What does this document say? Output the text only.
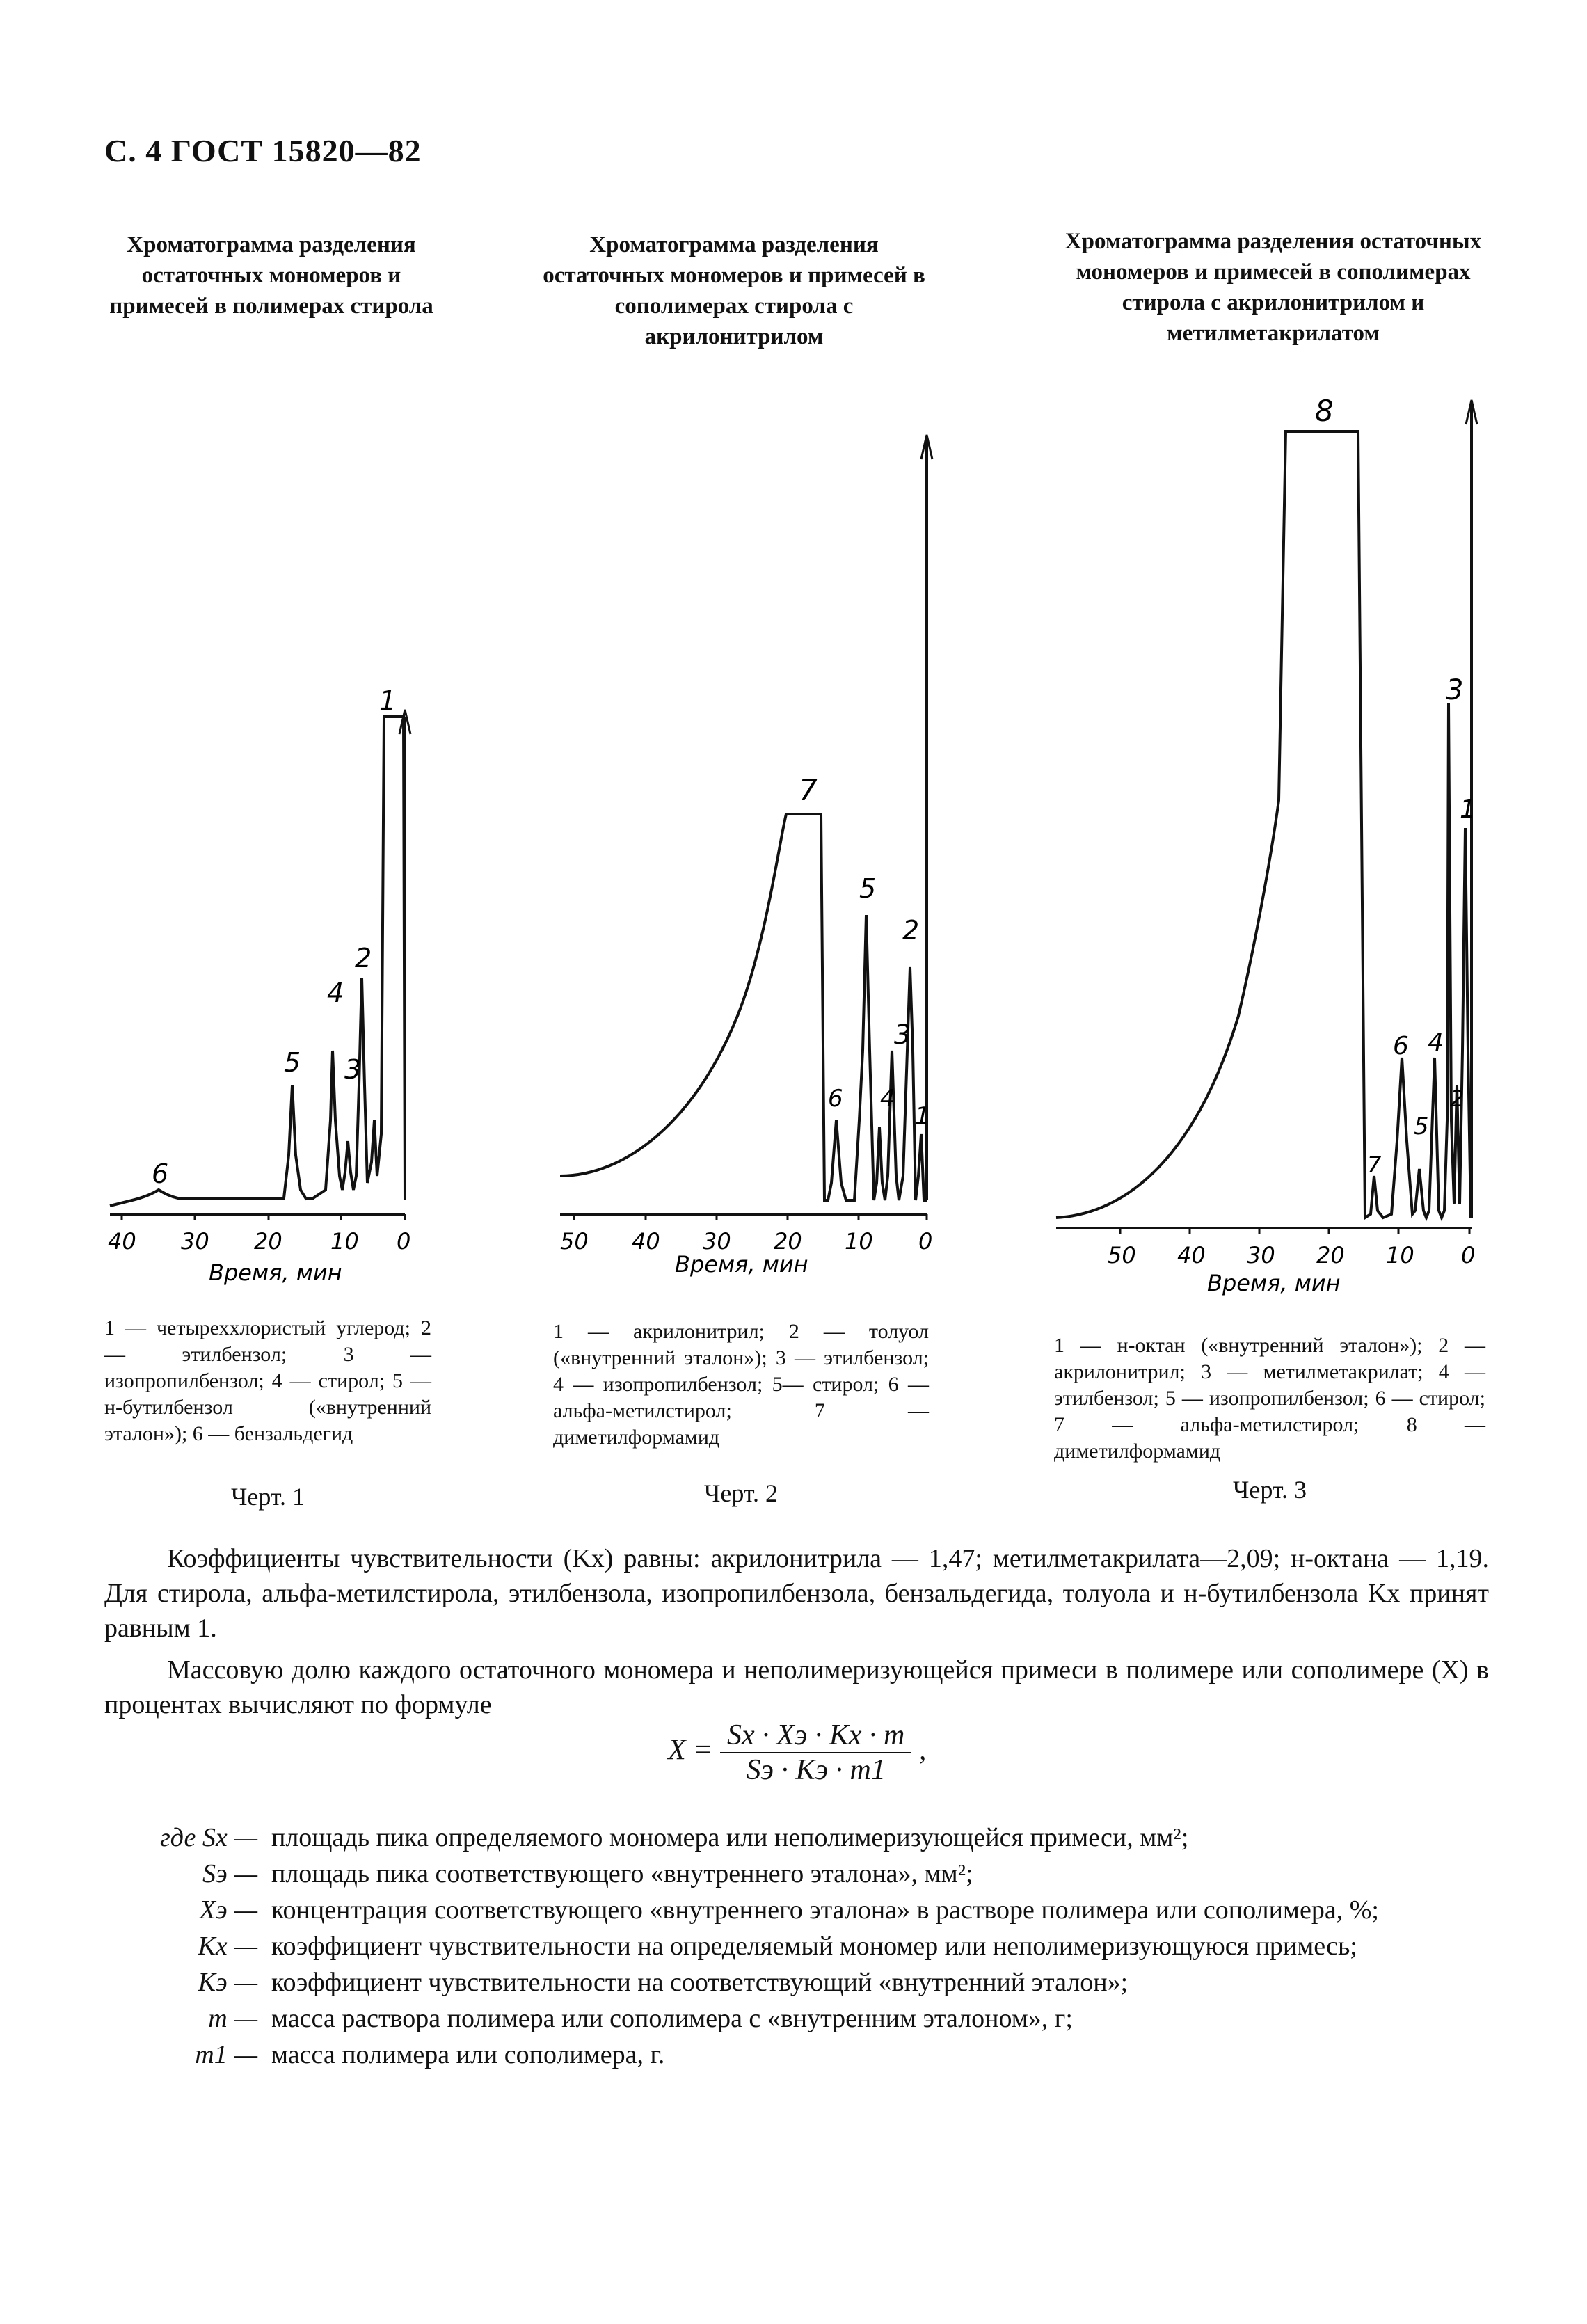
С. 4 ГОСТ 15820—82
Хроматограмма разделения остаточных мономеров и примесей в полимерах стирола
1
2
3
4
5
6
40 30 20 10 0
Время, мин
1 — четыреххлористый углерод; 2 — этилбензол; 3 — изопропилбензол; 4 — стирол; 5 — н-бутилбензол («внутренний эталон»); 6 — бензальдегид
Черт. 1
Хроматограмма разделения остаточных мономеров и примесей в сополимерах стирола с акрилонитрилом
1
2
3
4
5
6
7
50 40 30 20 10 0
Время, мин
1 — акрилонитрил; 2 — толуол («внутренний эталон»); 3 — этилбензол; 4 — изопропилбензол; 5— стирол; 6 — альфа-метилстирол; 7 — диметилформамид
Черт. 2
Хроматограмма разделения остаточных мономеров и примесей в сополимерах стирола с акрилонитрилом и метилметакрилатом
1
2
3
4
5
6
7
8
50 40 30 20 10 0
Время, мин
1 — н-октан («внутренний эталон»); 2 — акрилонитрил; 3 — метилметакрилат; 4 — этилбензол; 5 — изопропилбензол; 6 — стирол; 7 — альфа-метилстирол; 8 — диметилформамид
Черт. 3
Коэффициенты чувствительности (Kх) равны: акрилонитрила — 1,47; метилметакрилата—2,09; н-октана — 1,19. Для стирола, альфа-метилстирола, этилбензола, изопропилбензола, бензальдегида, толуола и н-бутилбензола Kх принят равным 1.
Массовую долю каждого остаточного мономера и неполимеризующейся примеси в полимере или сополимере (X) в процентах вычисляют по формуле
$X = \frac{Sх \cdot Xэ \cdot Kх \cdot m}{Sэ \cdot Kэ \cdot m1}$ ,
где Sх — площадь пика определяемого мономера или неполимеризующейся примеси, мм²;
Sэ — площадь пика соответствующего «внутреннего эталона», мм²;
Xэ — концентрация соответствующего «внутреннего эталона» в растворе полимера или сополимера, %;
Kх — коэффициент чувствительности на определяемый мономер или неполимеризующуюся примесь;
Kэ — коэффициент чувствительности на соответствующий «внутренний эталон»;
m — масса раствора полимера или сополимера с «внутренним эталоном», г;
m1 — масса полимера или сополимера, г.
